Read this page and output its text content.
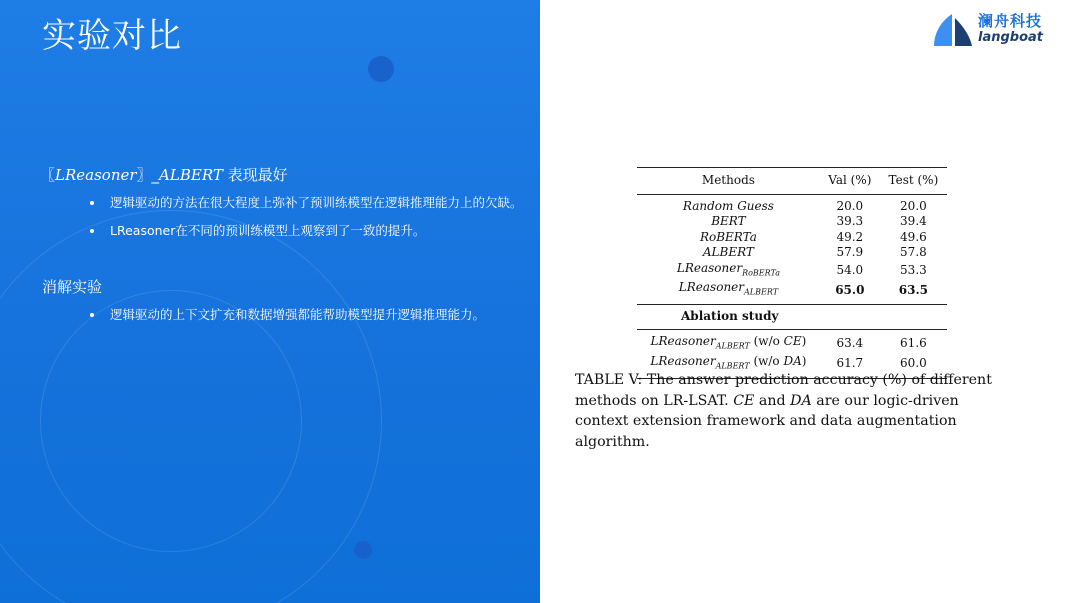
实验对比

〖LReasoner〗_ALBERT 表现最好

逻辑驱动的方法在很大程度上弥补了预训练模型在逻辑推理能力上的欠缺。
LReasoner在不同的预训练模型上观察到了一致的提升。

消解实验

逻辑驱动的上下文扩充和数据增强都能帮助模型提升逻辑推理能力。
澜舟科技
langboat
Methods	Val (%)	Test (%)
Random Guess	20.0	20.0
BERT	39.3	39.4
RoBERTa	49.2	49.6
ALBERT	57.9	57.8
LReasoner$_{RoBERTa}$	54.0	53.3
LReasoner$_{ALBERT}$	65.0	63.5
Ablation study		
LReasoner$_{ALBERT}$ (w/o CE)	63.4	61.6
LReasoner$_{ALBERT}$ (w/o DA)	61.7	60.0

TABLE V: The answer prediction accuracy (%) of different methods on LR-LSAT. CE and DA are our logic-driven context extension framework and data augmentation algorithm.
